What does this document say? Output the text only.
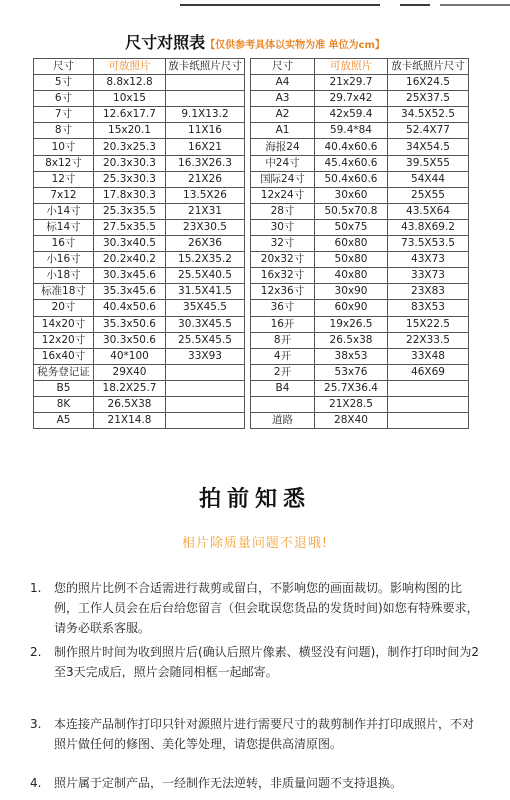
尺寸对照表【仅供参考具体以实物为准 单位为cm】
尺寸	可放照片	放卡纸照片尺寸
5寸	8.8x12.8	
6寸	10x15	
7寸	12.6x17.7	9.1X13.2
8寸	15x20.1	11X16
10寸	20.3x25.3	16X21
8x12寸	20.3x30.3	16.3X26.3
12寸	25.3x30.3	21X26
7x12	17.8x30.3	13.5X26
小14寸	25.3x35.5	21X31
标14寸	27.5x35.5	23X30.5
16寸	30.3x40.5	26X36
小16寸	20.2x40.2	15.2X35.2
小18寸	30.3x45.6	25.5X40.5
标准18寸	35.3x45.6	31.5X41.5
20寸	40.4x50.6	35X45.5
14x20寸	35.3x50.6	30.3X45.5
12x20寸	30.3x50.6	25.5X45.5
16x40寸	40*100	33X93
税务登记证	29X40	
B5	18.2X25.7	
8K	26.5X38	
A5	21X14.8	
尺寸	可放照片	放卡纸照片尺寸
A4	21x29.7	16X24.5
A3	29.7x42	25X37.5
A2	42x59.4	34.5X52.5
A1	59.4*84	52.4X77
海报24	40.4x60.6	34X54.5
中24寸	45.4x60.6	39.5X55
国际24寸	50.4x60.6	54X44
12x24寸	30x60	25X55
28寸	50.5x70.8	43.5X64
30寸	50x75	43.8X69.2
32寸	60x80	73.5X53.5
20x32寸	50x80	43X73
16x32寸	40x80	33X73
12x36寸	30x90	23X83
36寸	60x90	83X53
16开	19x26.5	15X22.5
8开	26.5x38	22X33.5
4开	38x53	33X48
2开	53x76	46X69
B4	25.7X36.4	
	21X28.5	
道路	28X40	
拍前知悉
相片除质量问题不退哦!
1.	您的照片比例不合适需进行裁剪或留白，不影响您的画面裁切。影响构图的比例，工作人员会在后台给您留言（但会耽误您货品的发货时间)如您有特殊要求，请务必联系客服。
2.	制作照片时间为收到照片后(确认后照片像素、横竖没有问题)，制作打印时间为2至3天完成后，照片会随同相框一起邮寄。
3.	本连接产品制作打印只针对源照片进行需要尺寸的裁剪制作并打印成照片，不对照片做任何的修图、美化等处理，请您提供高清原图。
4.	照片属于定制产品，一经制作无法逆转，非质量问题不支持退换。
